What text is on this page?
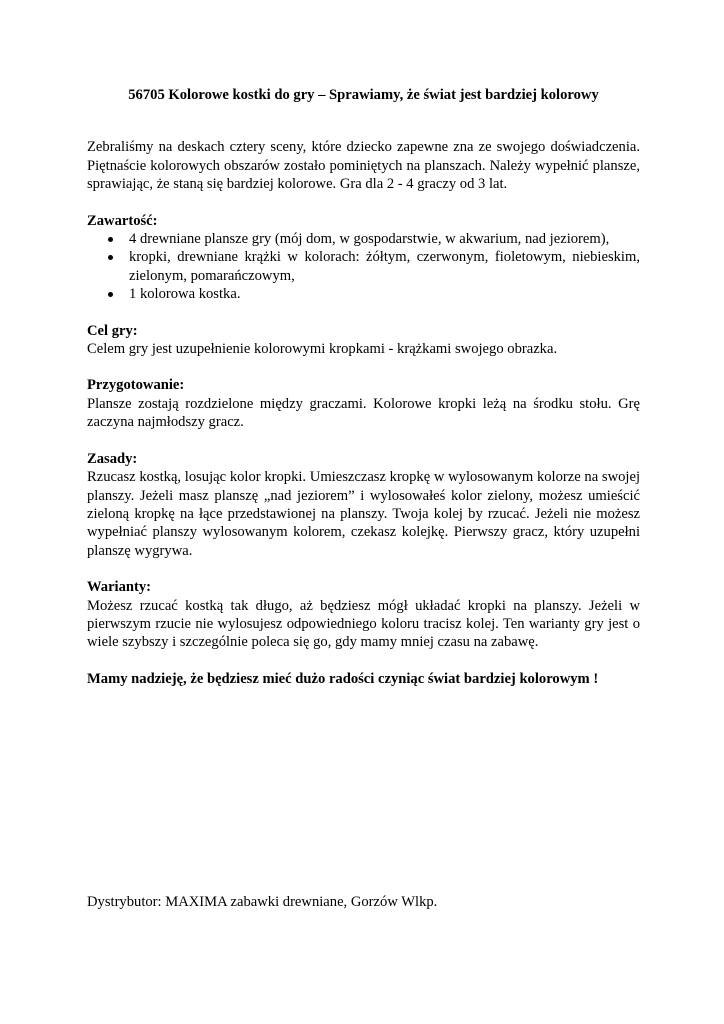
56705 Kolorowe kostki do gry – Sprawiamy, że świat jest bardziej kolorowy

Zebraliśmy na deskach cztery sceny, które dziecko zapewne zna ze swojego doświadczenia. Piętnaście kolorowych obszarów zostało pominiętych na planszach. Należy wypełnić plansze, sprawiając, że staną się bardziej kolorowe. Gra dla 2 - 4 graczy od 3 lat.

Zawartość:
4 drewniane plansze gry (mój dom, w gospodarstwie, w akwarium, nad jeziorem),
kropki, drewniane krążki w kolorach: żółtym, czerwonym, fioletowym, niebieskim, zielonym, pomarańczowym,
1 kolorowa kostka.
Cel gry:

Celem gry jest uzupełnienie kolorowymi kropkami - krążkami swojego obrazka.

Przygotowanie:

Plansze zostają rozdzielone między graczami. Kolorowe kropki leżą na środku stołu. Grę zaczyna najmłodszy gracz.

Zasady:

Rzucasz kostką, losując kolor kropki. Umieszczasz kropkę w wylosowanym kolorze na swojej planszy. Jeżeli masz planszę „nad jeziorem” i wylosowałeś kolor zielony, możesz umieścić zieloną kropkę na łące przedstawionej na planszy. Twoja kolej by rzucać. Jeżeli nie możesz wypełniać planszy wylosowanym kolorem, czekasz kolejkę. Pierwszy gracz, który uzupełni planszę wygrywa.

Warianty:

Możesz rzucać kostką tak długo, aż będziesz mógł układać kropki na planszy. Jeżeli w pierwszym rzucie nie wylosujesz odpowiedniego koloru tracisz kolej. Ten warianty gry jest o wiele szybszy i szczególnie poleca się go, gdy mamy mniej czasu na zabawę.

Mamy nadzieję, że będziesz mieć dużo radości czyniąc świat bardziej kolorowym !

Dystrybutor: MAXIMA zabawki drewniane, Gorzów Wlkp.
